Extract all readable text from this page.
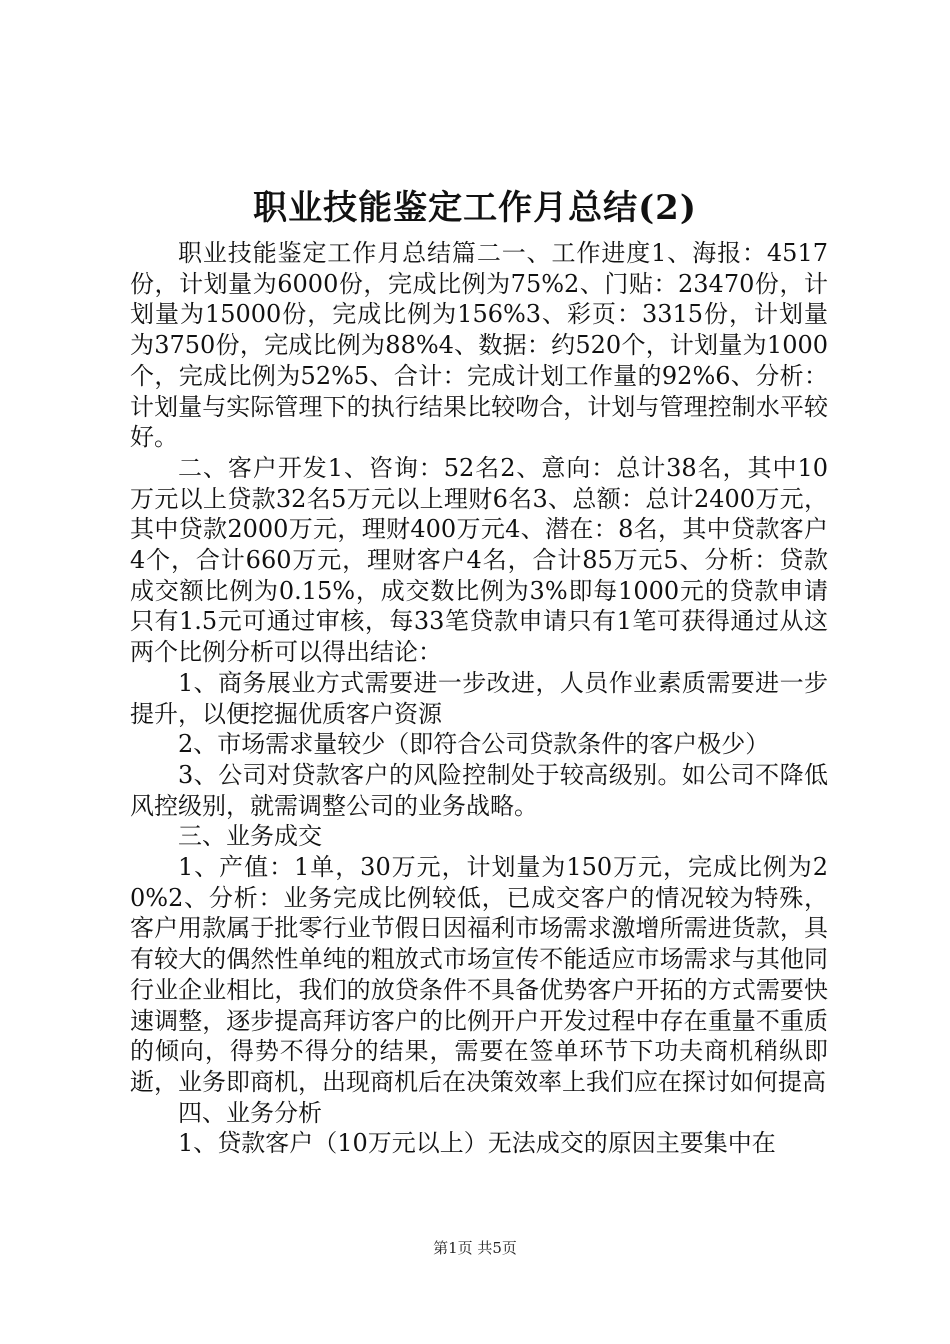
职业技能鉴定工作月总结(2)

职业技能鉴定工作月总结篇二一、工作进度1、海报：4517份，计划量为6000份，完成比例为75%2、门贴：23470份，计划量为15000份，完成比例为156%3、彩页：3315份，计划量为3750份，完成比例为88%4、数据：约520个，计划量为1000个，完成比例为52%5、合计：完成计划工作量的92%6、分析：计划量与实际管理下的执行结果比较吻合，计划与管理控制水平较好。

二、客户开发1、咨询：52名2、意向：总计38名，其中10万元以上贷款32名5万元以上理财6名3、总额：总计2400万元，其中贷款2000万元，理财400万元4、潜在：8名，其中贷款客户4个，合计660万元，理财客户4名，合计85万元5、分析：贷款成交额比例为0.15%，成交数比例为3%即每1000元的贷款申请只有1.5元可通过审核，每33笔贷款申请只有1笔可获得通过从这两个比例分析可以得出结论：

1、商务展业方式需要进一步改进，人员作业素质需要进一步提升，以便挖掘优质客户资源

2、市场需求量较少（即符合公司贷款条件的客户极少）

3、公司对贷款客户的风险控制处于较高级别。如公司不降低风控级别，就需调整公司的业务战略。

三、业务成交

1、产值：1单，30万元，计划量为150万元，完成比例为20%2、分析：业务完成比例较低，已成交客户的情况较为特殊，客户用款属于批零行业节假日因福利市场需求激增所需进货款，具有较大的偶然性单纯的粗放式市场宣传不能适应市场需求与其他同行业企业相比，我们的放贷条件不具备优势客户开拓的方式需要快速调整，逐步提高拜访客户的比例开户开发过程中存在重量不重质的倾向，得势不得分的结果，需要在签单环节下功夫商机稍纵即逝，业务即商机，出现商机后在决策效率上我们应在探讨如何提高

四、业务分析

1、贷款客户（10万元以上）无法成交的原因主要集中在

第1页 共5页
